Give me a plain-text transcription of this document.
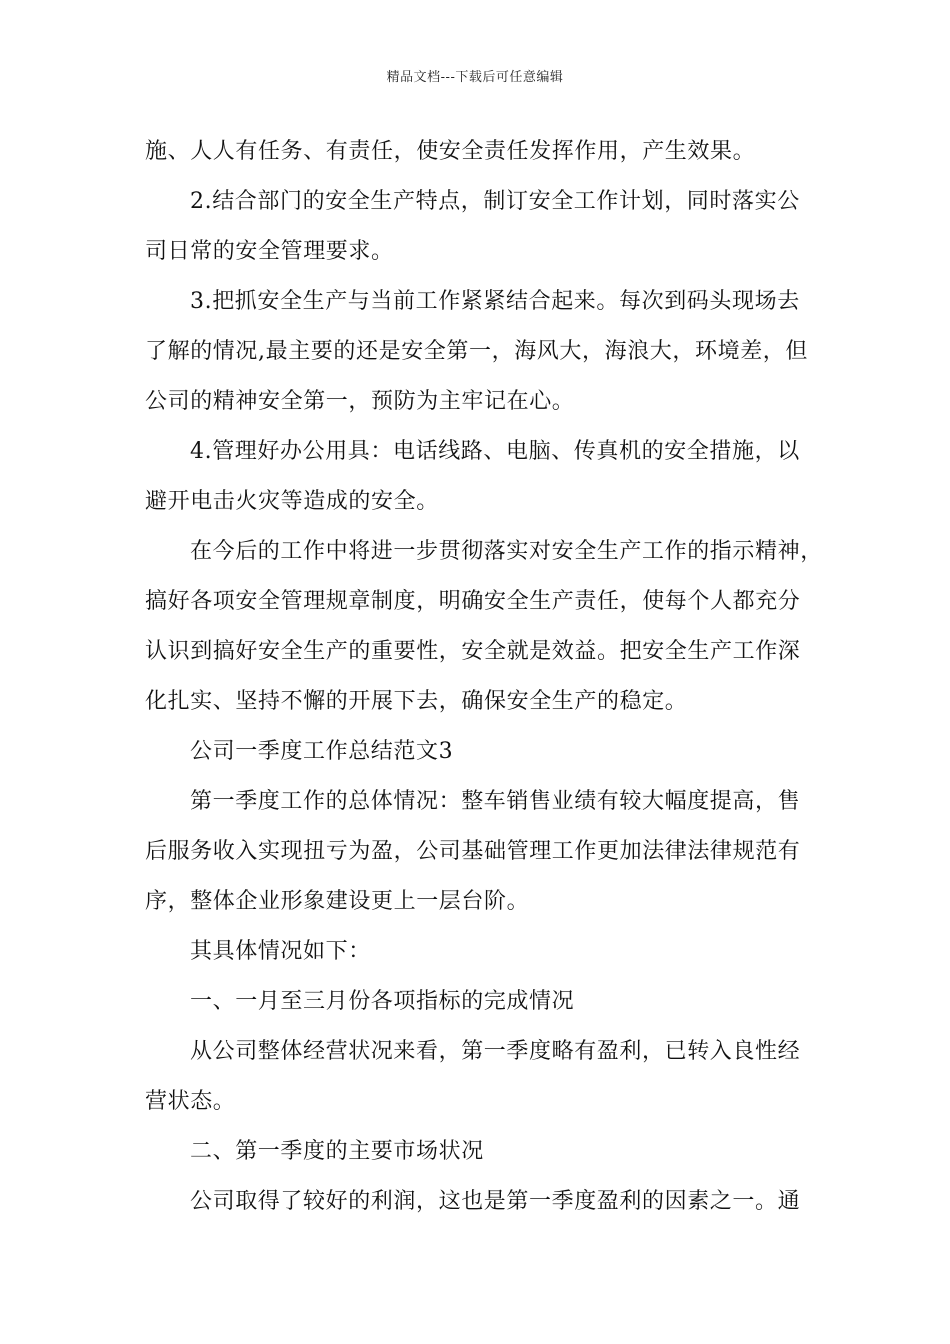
精品文档---下载后可任意编辑
施、人人有任务、有责任，使安全责任发挥作用，产生效果。
2.结合部门的安全生产特点，制订安全工作计划，同时落实公
司日常的安全管理要求。
3.把抓安全生产与当前工作紧紧结合起来。每次到码头现场去
了解的情况,最主要的还是安全第一，海风大，海浪大，环境差，但
公司的精神安全第一，预防为主牢记在心。
4.管理好办公用具：电话线路、电脑、传真机的安全措施，以
避开电击火灾等造成的安全。
在今后的工作中将进一步贯彻落实对安全生产工作的指示精神，
搞好各项安全管理规章制度，明确安全生产责任，使每个人都充分
认识到搞好安全生产的重要性，安全就是效益。把安全生产工作深
化扎实、坚持不懈的开展下去，确保安全生产的稳定。
公司一季度工作总结范文3
第一季度工作的总体情况：整车销售业绩有较大幅度提高，售
后服务收入实现扭亏为盈，公司基础管理工作更加法律法律规范有
序，整体企业形象建设更上一层台阶。
其具体情况如下：
一、一月至三月份各项指标的完成情况
从公司整体经营状况来看，第一季度略有盈利，已转入良性经
营状态。
二、第一季度的主要市场状况
公司取得了较好的利润，这也是第一季度盈利的因素之一。通
